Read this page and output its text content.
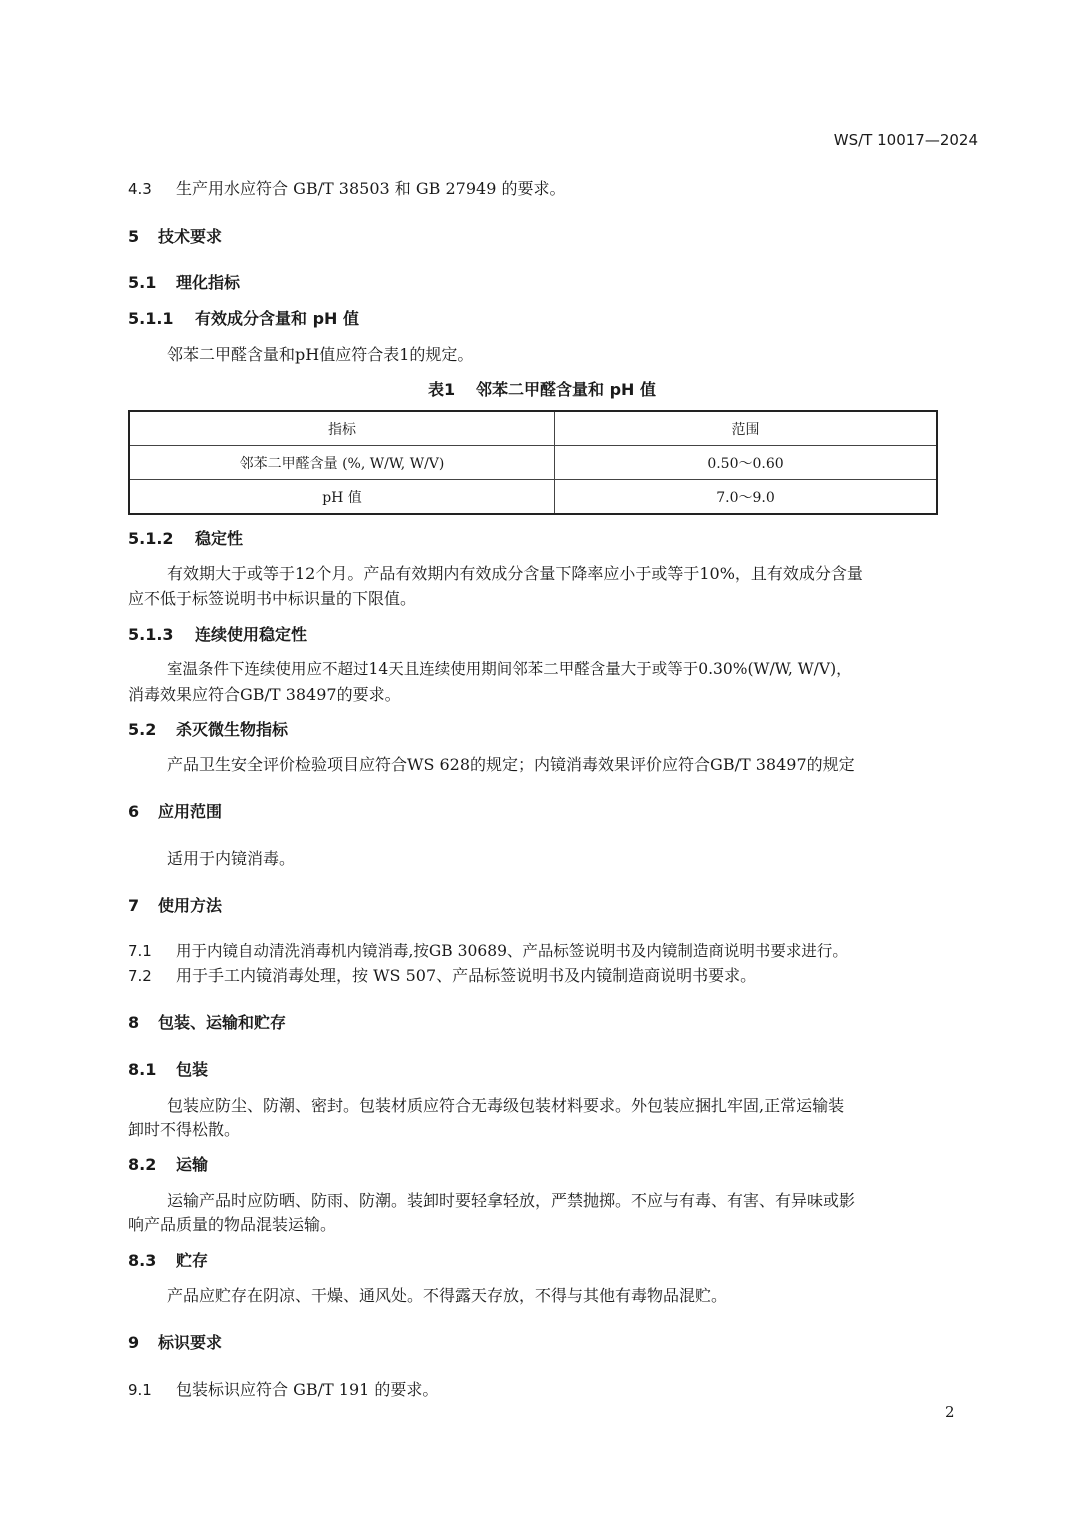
WS/T 10017—2024
4.3 生产用水应符合 GB/T 38503 和 GB 27949 的要求。
5 技术要求
5.1 理化指标
5.1.1 有效成分含量和 pH 值
邻苯二甲醛含量和pH值应符合表1的规定。
表1 邻苯二甲醛含量和 pH 值
指标	范围
邻苯二甲醛含量 (%, W/W, W/V)	0.50～0.60
pH 值	7.0～9.0
5.1.2 稳定性
有效期大于或等于12个月。产品有效期内有效成分含量下降率应小于或等于10%，且有效成分含量
应不低于标签说明书中标识量的下限值。
5.1.3 连续使用稳定性
室温条件下连续使用应不超过14天且连续使用期间邻苯二甲醛含量大于或等于0.30%(W/W, W/V)，
消毒效果应符合GB/T 38497的要求。
5.2 杀灭微生物指标
产品卫生安全评价检验项目应符合WS 628的规定；内镜消毒效果评价应符合GB/T 38497的规定
6 应用范围
适用于内镜消毒。
7 使用方法
7.1 用于内镜自动清洗消毒机内镜消毒,按GB 30689、产品标签说明书及内镜制造商说明书要求进行。
7.2 用于手工内镜消毒处理，按 WS 507、产品标签说明书及内镜制造商说明书要求。
8 包装、运输和贮存
8.1 包装
包装应防尘、防潮、密封。包装材质应符合无毒级包装材料要求。外包装应捆扎牢固,正常运输装
卸时不得松散。
8.2 运输
运输产品时应防晒、防雨、防潮。装卸时要轻拿轻放，严禁抛掷。不应与有毒、有害、有异味或影
响产品质量的物品混装运输。
8.3 贮存
产品应贮存在阴凉、干燥、通风处。不得露天存放，不得与其他有毒物品混贮。
9 标识要求
9.1 包装标识应符合 GB/T 191 的要求。
2
